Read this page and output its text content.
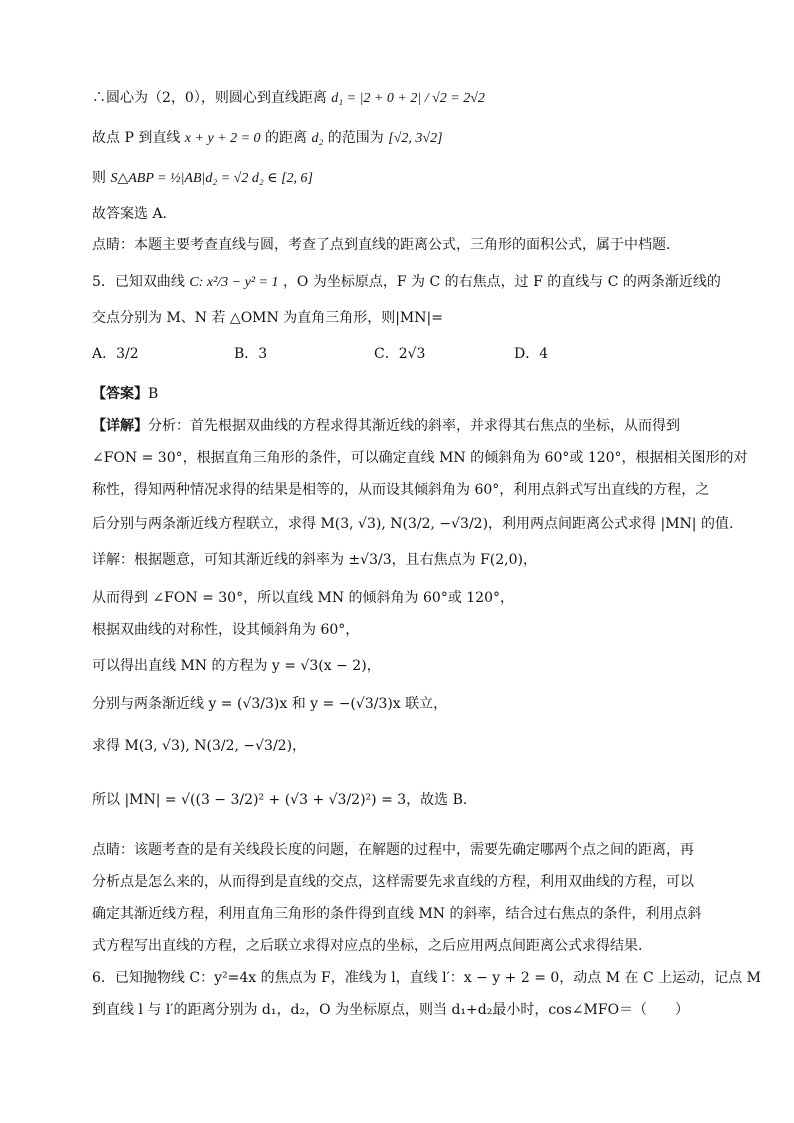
∴圆心为（2，0），则圆心到直线距离 d₁ = |2 + 0 + 2| / √2 = 2√2
故点 P 到直线 x + y + 2 = 0 的距离 d₂ 的范围为 [√2, 3√2]
则 S△ABP = ½|AB|d₂ = √2 d₂ ∈ [2, 6]
故答案选 A.
点睛：本题主要考查直线与圆，考查了点到直线的距离公式，三角形的面积公式，属于中档题．
5．已知双曲线 C: x²/3 − y² = 1 ，O 为坐标原点，F 为 C 的右焦点，过 F 的直线与 C 的两条渐近线的
交点分别为 M、N 若 △OMN 为直角三角形，则|MN|=
A．3/2	B．3	C．2√3	D．4
【答案】B
【详解】分析：首先根据双曲线的方程求得其渐近线的斜率，并求得其右焦点的坐标，从而得到
∠FON = 30°，根据直角三角形的条件，可以确定直线 MN 的倾斜角为 60°或 120°，根据相关图形的对
称性，得知两种情况求得的结果是相等的，从而设其倾斜角为 60°，利用点斜式写出直线的方程，之
后分别与两条渐近线方程联立，求得 M(3, √3), N(3/2, −√3/2)，利用两点间距离公式求得 |MN| 的值.
详解：根据题意，可知其渐近线的斜率为 ±√3/3，且右焦点为 F(2,0)，
从而得到 ∠FON = 30°，所以直线 MN 的倾斜角为 60°或 120°，
根据双曲线的对称性，设其倾斜角为 60°，
可以得出直线 MN 的方程为 y = √3(x − 2)，
分别与两条渐近线 y = (√3/3)x 和 y = −(√3/3)x 联立，
求得 M(3, √3), N(3/2, −√3/2)，
所以 |MN| = √((3 − 3/2)² + (√3 + √3/2)²) = 3，故选 B.
点睛：该题考查的是有关线段长度的问题，在解题的过程中，需要先确定哪两个点之间的距离，再
分析点是怎么来的，从而得到是直线的交点，这样需要先求直线的方程，利用双曲线的方程，可以
确定其渐近线方程，利用直角三角形的条件得到直线 MN 的斜率，结合过右焦点的条件，利用点斜
式方程写出直线的方程，之后联立求得对应点的坐标，之后应用两点间距离公式求得结果.
6．已知抛物线 C：y²=4x 的焦点为 F，准线为 l，直线 l′：x − y + 2 = 0，动点 M 在 C 上运动，记点 M
到直线 l 与 l′的距离分别为 d₁，d₂，O 为坐标原点，则当 d₁+d₂最小时，cos∠MFO＝（　　）
